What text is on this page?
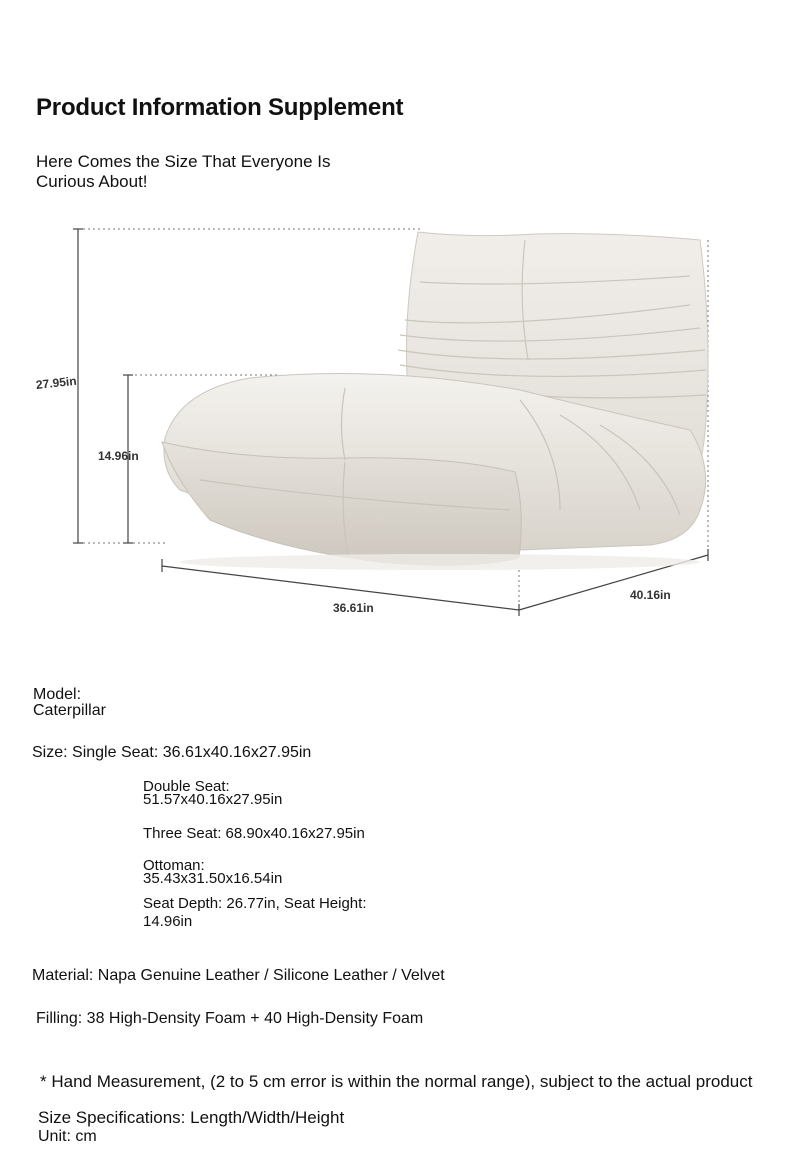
Product Information Supplement
Here Comes the Size That Everyone Is
Curious About!
27.95in
14.96in
36.61in
40.16in
Model:
Caterpillar
Size: Single Seat: 36.61x40.16x27.95in
Double Seat:
51.57x40.16x27.95in
Three Seat: 68.90x40.16x27.95in
Ottoman:
35.43x31.50x16.54in
Seat Depth: 26.77in, Seat Height:
14.96in
Material: Napa Genuine Leather / Silicone Leather / Velvet
Filling: 38 High-Density Foam + 40 High-Density Foam
* Hand Measurement, (2 to 5 cm error is within the normal range), subject to the actual product
Size Specifications: Length/Width/Height
Unit: cm
